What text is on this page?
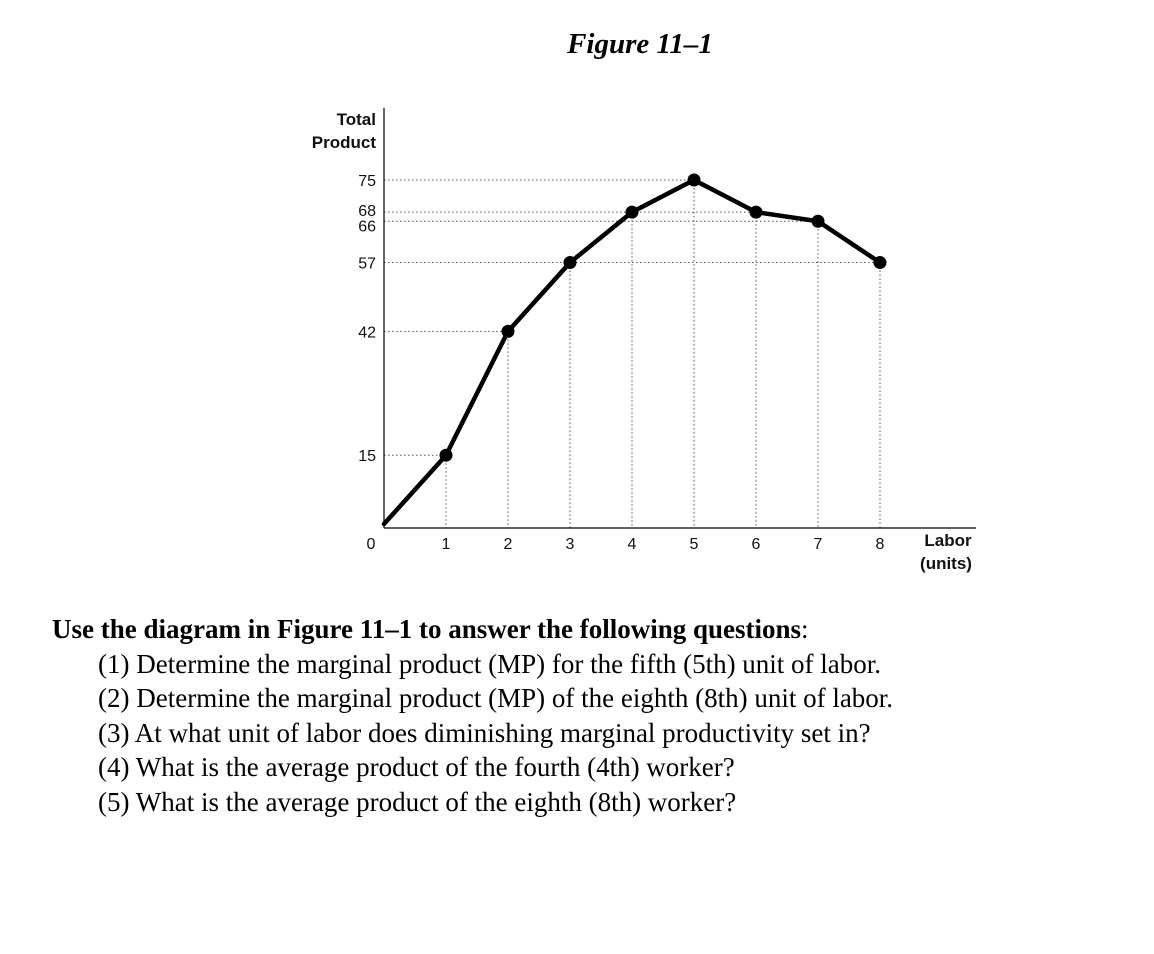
Figure 11–1
Total
Product
Labor
(units)
75
68
66
57
42
15
0	1	2	3	4	5	6	7	8
Use the diagram in Figure 11–1 to answer the following questions:
(1) Determine the marginal product (MP) for the fifth (5th) unit of labor.
(2) Determine the marginal product (MP) of the eighth (8th) unit of labor.
(3) At what unit of labor does diminishing marginal productivity set in?
(4) What is the average product of the fourth (4th) worker?
(5) What is the average product of the eighth (8th) worker?
